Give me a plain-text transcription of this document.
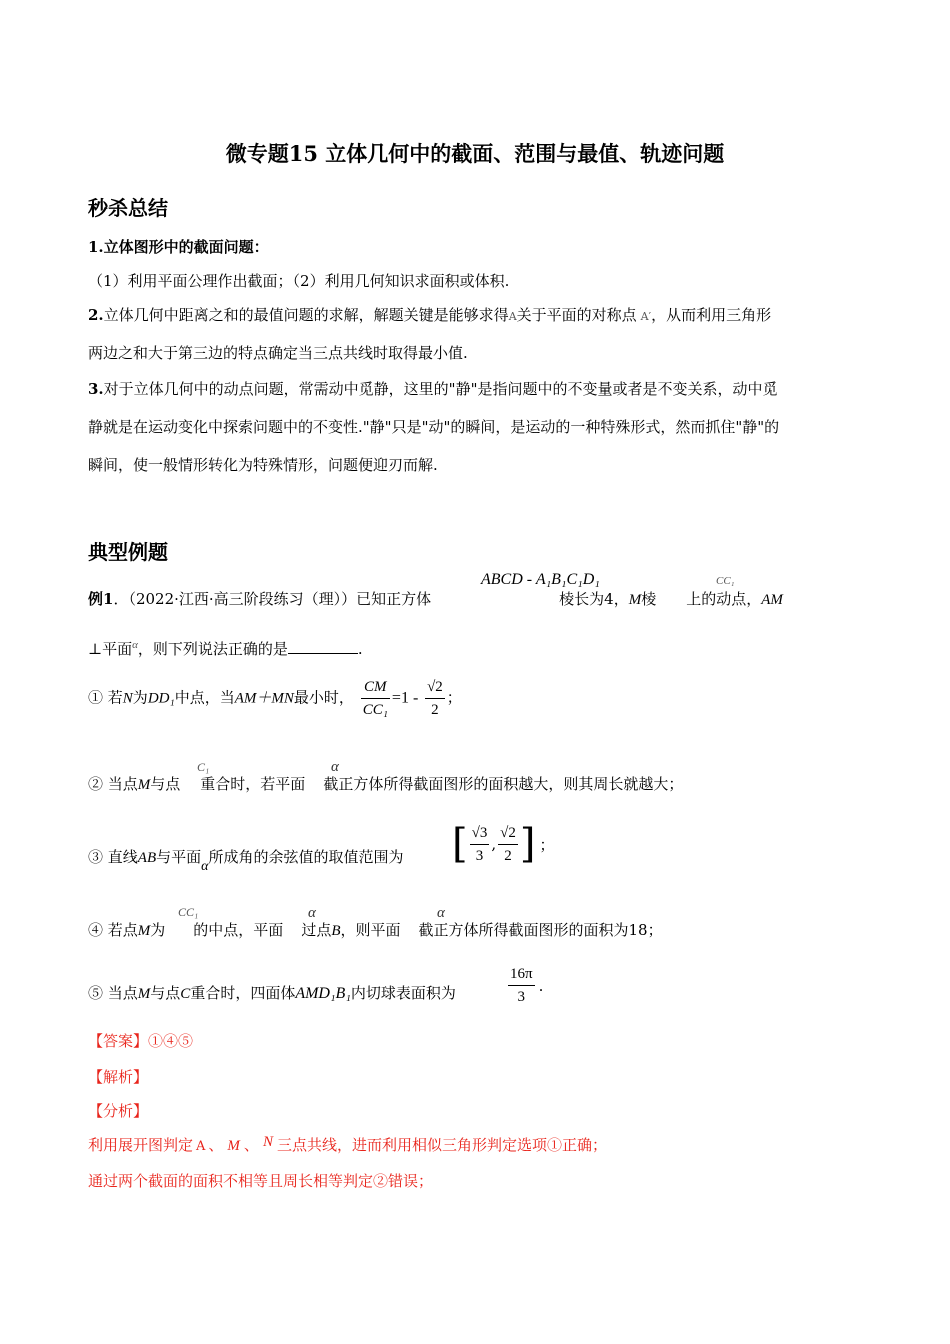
微专题15 立体几何中的截面、范围与最值、轨迹问题
秒杀总结
1.立体图形中的截面问题：
（1）利用平面公理作出截面；（2）利用几何知识求面积或体积.
2.立体几何中距离之和的最值问题的求解，解题关键是能够求得A关于平面的对称点 A′，从而利用三角形
两边之和大于第三边的特点确定当三点共线时取得最小值.
3.对于立体几何中的动点问题，常需动中觅静，这里的"静"是指问题中的不变量或者是不变关系，动中觅
静就是在运动变化中探索问题中的不变性."静"只是"动"的瞬间，是运动的一种特殊形式，然而抓住"静"的
瞬间，使一般情形转化为特殊情形，问题便迎刃而解.
典型例题
ABCD - A₁B₁C₁D₁	CC₁
例1．（2022·江西·高三阶段练习（理））已知正方体	棱长为4，M棱 上的动点，AM
⊥平面$^\alpha$，则下列说法正确的是	.
① 若N为DD₁中点，当AM＋MN最小时， $\frac{CM}{\text{CC₁}} =1 - \frac{√2}{2}$ ；
C₁	α
② 当点M与点 重合时，若平面 截正方体所得截面图形的面积越大，则其周长就越大；
③ 直线AB与平面α所成角的余弦值的取值范围为 [ $\frac{√3}{3}$ , $\frac{√2}{2}$ ] ；
CC₁	α	α
④ 若点M为 的中点，平面 过点B，则平面 截正方体所得截面图形的面积为18；
⑤ 当点M与点C重合时，四面体AMD₁B₁内切球表面积为	$\frac{16\pi}{3}$ .
【答案】①④⑤
【解析】
【分析】
利用展开图判定 A 、 M 、 N 三点共线，进而利用相似三角形判定选项①正确；
通过两个截面的面积不相等且周长相等判定②错误；
